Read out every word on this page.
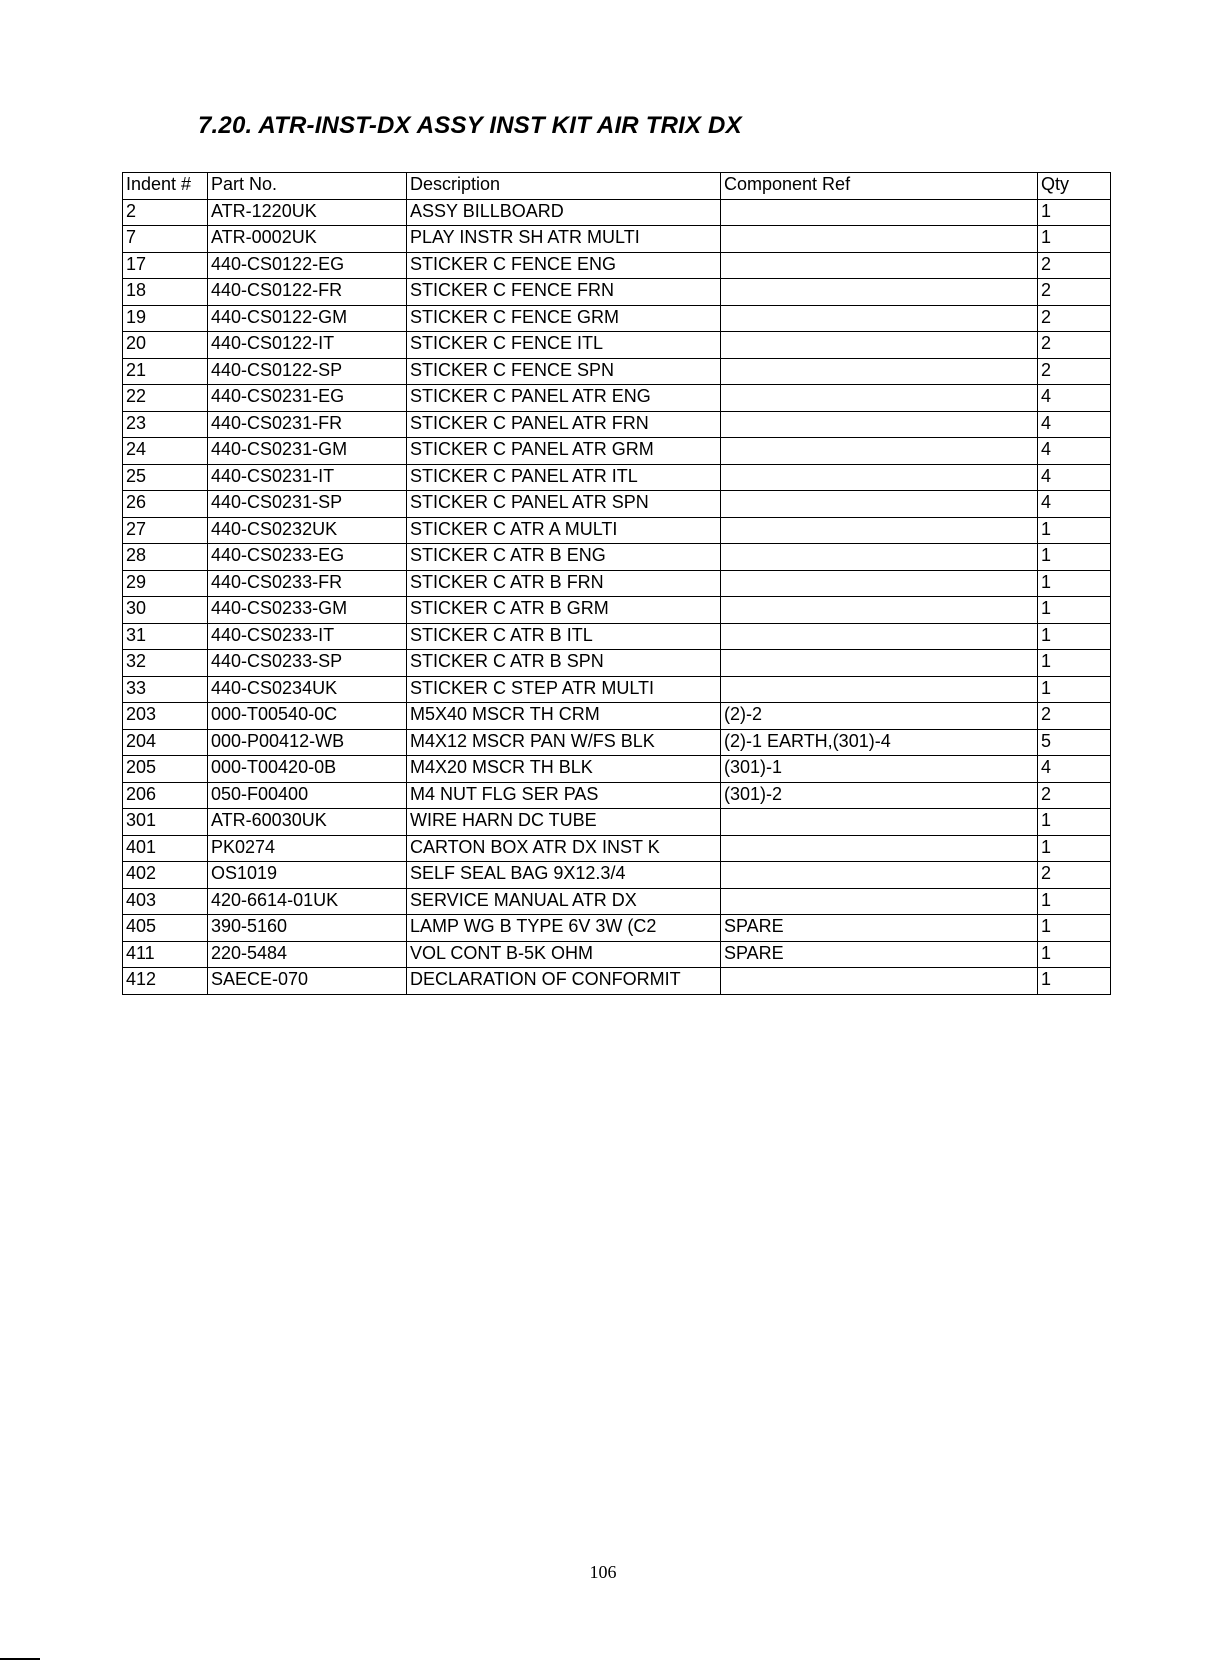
7.20. ATR-INST-DX ASSY INST KIT AIR TRIX DX
Indent #	Part No.	Description	Component Ref	Qty
2	ATR-1220UK	ASSY BILLBOARD		1
7	ATR-0002UK	PLAY INSTR SH ATR MULTI		1
17	440-CS0122-EG	STICKER C FENCE ENG		2
18	440-CS0122-FR	STICKER C FENCE FRN		2
19	440-CS0122-GM	STICKER C FENCE GRM		2
20	440-CS0122-IT	STICKER C FENCE ITL		2
21	440-CS0122-SP	STICKER C FENCE SPN		2
22	440-CS0231-EG	STICKER C PANEL ATR ENG		4
23	440-CS0231-FR	STICKER C PANEL ATR FRN		4
24	440-CS0231-GM	STICKER C PANEL ATR GRM		4
25	440-CS0231-IT	STICKER C PANEL ATR ITL		4
26	440-CS0231-SP	STICKER C PANEL ATR SPN		4
27	440-CS0232UK	STICKER C ATR A MULTI		1
28	440-CS0233-EG	STICKER C ATR B ENG		1
29	440-CS0233-FR	STICKER C ATR B FRN		1
30	440-CS0233-GM	STICKER C ATR B GRM		1
31	440-CS0233-IT	STICKER C ATR B ITL		1
32	440-CS0233-SP	STICKER C ATR B SPN		1
33	440-CS0234UK	STICKER C STEP ATR MULTI		1
203	000-T00540-0C	M5X40 MSCR TH CRM	(2)-2	2
204	000-P00412-WB	M4X12 MSCR PAN W/FS BLK	(2)-1 EARTH,(301)-4	5
205	000-T00420-0B	M4X20 MSCR TH BLK	(301)-1	4
206	050-F00400	M4 NUT FLG SER PAS	(301)-2	2
301	ATR-60030UK	WIRE HARN DC TUBE		1
401	PK0274	CARTON BOX ATR DX INST K		1
402	OS1019	SELF SEAL BAG 9X12.3/4		2
403	420-6614-01UK	SERVICE MANUAL ATR DX		1
405	390-5160	LAMP WG B TYPE 6V 3W (C2	SPARE	1
411	220-5484	VOL CONT B-5K OHM	SPARE	1
412	SAECE-070	DECLARATION OF CONFORMIT		1
106
